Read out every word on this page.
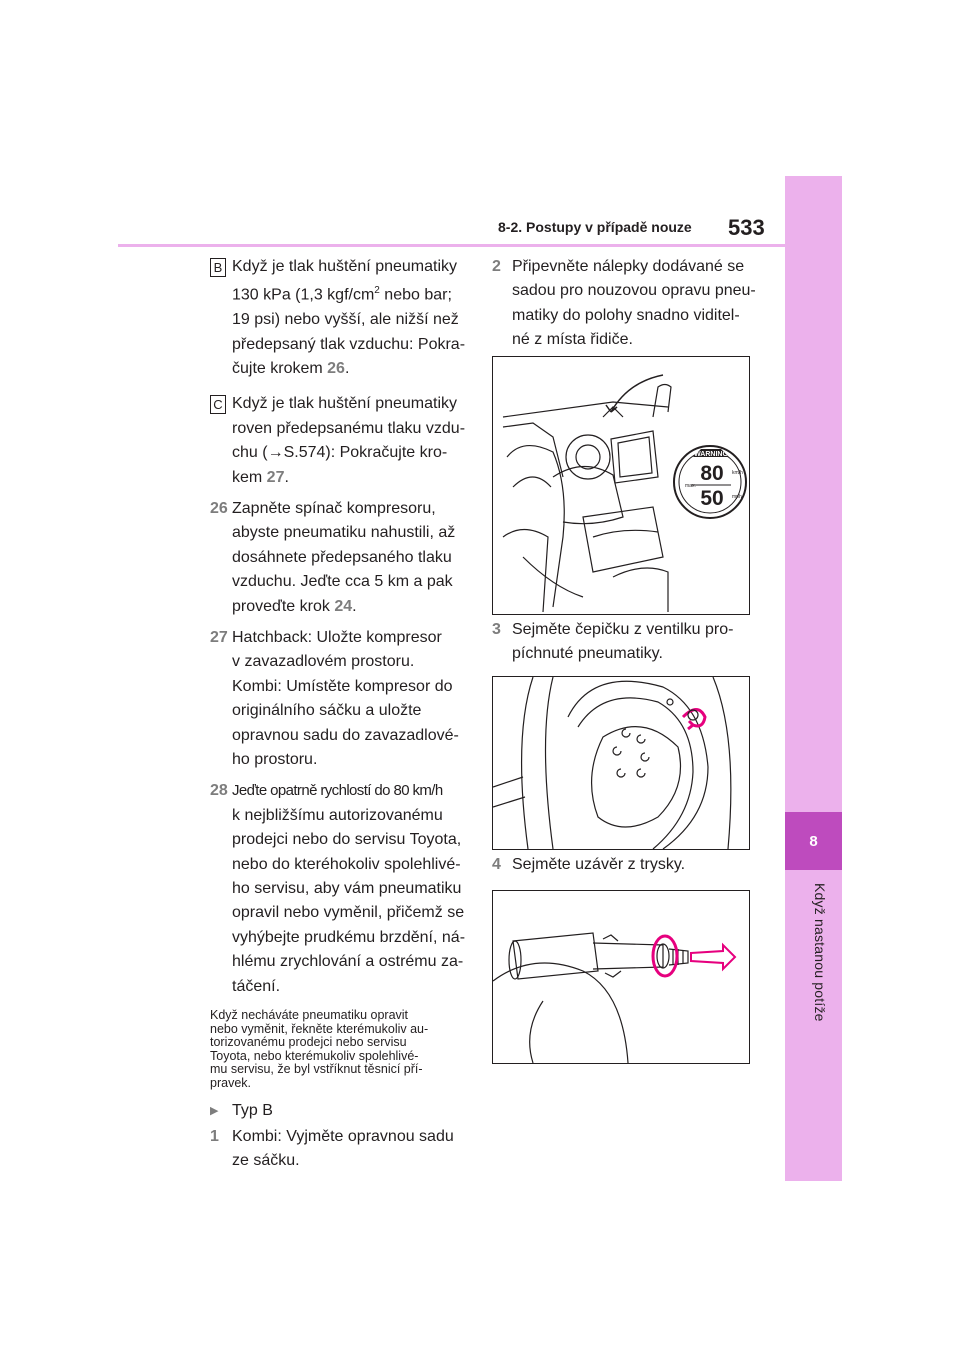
8
Když nastanou potíže
8-2. Postupy v případě nouze 533
B Když je tlak huštění pneumatiky

130 kPa (1,3 kgf/$cm^2$ nebo bar;

19 psi) nebo vyšší, ale nižší než

předepsaný tlak vzduchu: Pokra-

čujte krokem 26.

C Když je tlak huštění pneumatiky

roven předepsanému tlaku vzdu-

chu (→S.574): Pokračujte kro-

kem 27.

26 Zapněte spínač kompresoru,

abyste pneumatiku nahustili, až

dosáhnete předepsaného tlaku

vzduchu. Jeďte cca 5 km a pak

proveďte krok 24.

27 Hatchback: Uložte kompresor

v zavazadlovém prostoru.

Kombi: Umístěte kompresor do

originálního sáčku a uložte

opravnou sadu do zavazadlové-

ho prostoru.

28 Jeďte opatrně rychlostí do 80 km/h

k nejbližšímu autorizovanému

prodejci nebo do servisu Toyota,

nebo do kteréhokoliv spolehlivé-

ho servisu, aby vám pneumatiku

opravil nebo vyměnil, přičemž se

vyhýbejte prudkému brzdění, ná-

hlému zrychlování a ostrému za-

táčení.

Když necháváte pneumatiku opravit

nebo vyměnit, řekněte kterémukoliv au-

torizovanému prodejci nebo servisu

Toyota, nebo kterémukoliv spolehlivé-

mu servisu, že byl vstříknut těsnicí pří-

pravek.

▶ Typ B
1 Kombi: Vyjměte opravnou sadu

ze sáčku.

2 Připevněte nálepky dodávané se

sadou pro nouzovou opravu pneu-

matiky do polohy snadno viditel-

né z místa řidiče.

WARNING
80
50
km/h
mph
max.
3 Sejměte čepičku z ventilku pro-

píchnuté pneumatiky.

4 Sejměte uzávěr z trysky.
